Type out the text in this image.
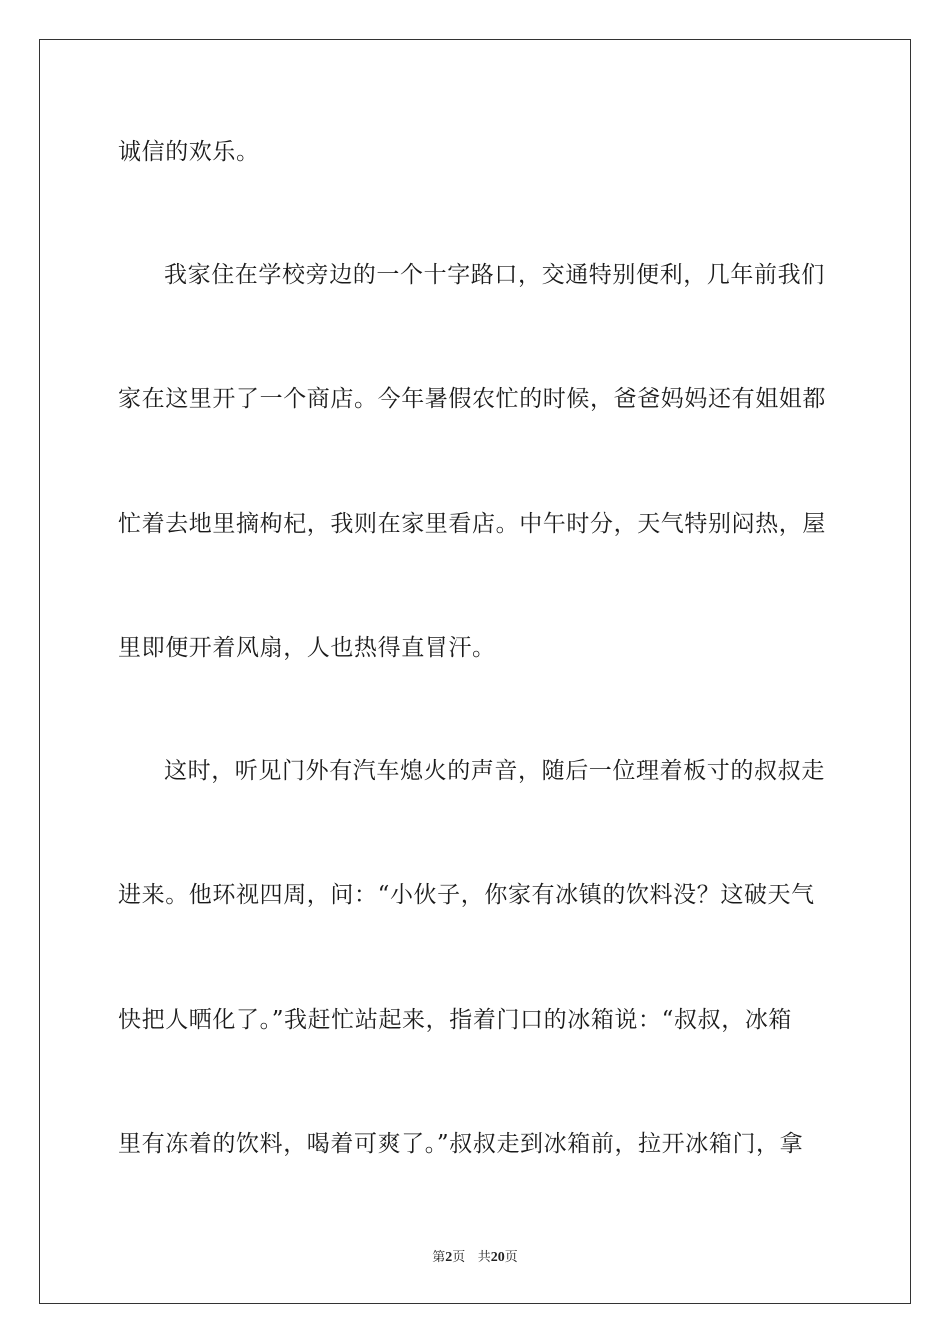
诚信的欢乐。
我家住在学校旁边的一个十字路口，交通特别便利，几年前我们
家在这里开了一个商店。今年暑假农忙的时候，爸爸妈妈还有姐姐都
忙着去地里摘枸杞，我则在家里看店。中午时分，天气特别闷热，屋
里即便开着风扇，人也热得直冒汗。
这时，听见门外有汽车熄火的声音，随后一位理着板寸的叔叔走
进来。他环视四周，问：“小伙子，你家有冰镇的饮料没？这破天气
快把人晒化了。”我赶忙站起来，指着门口的冰箱说：“叔叔，冰箱
里有冻着的饮料，喝着可爽了。”叔叔走到冰箱前，拉开冰箱门，拿
第2页 共20页
